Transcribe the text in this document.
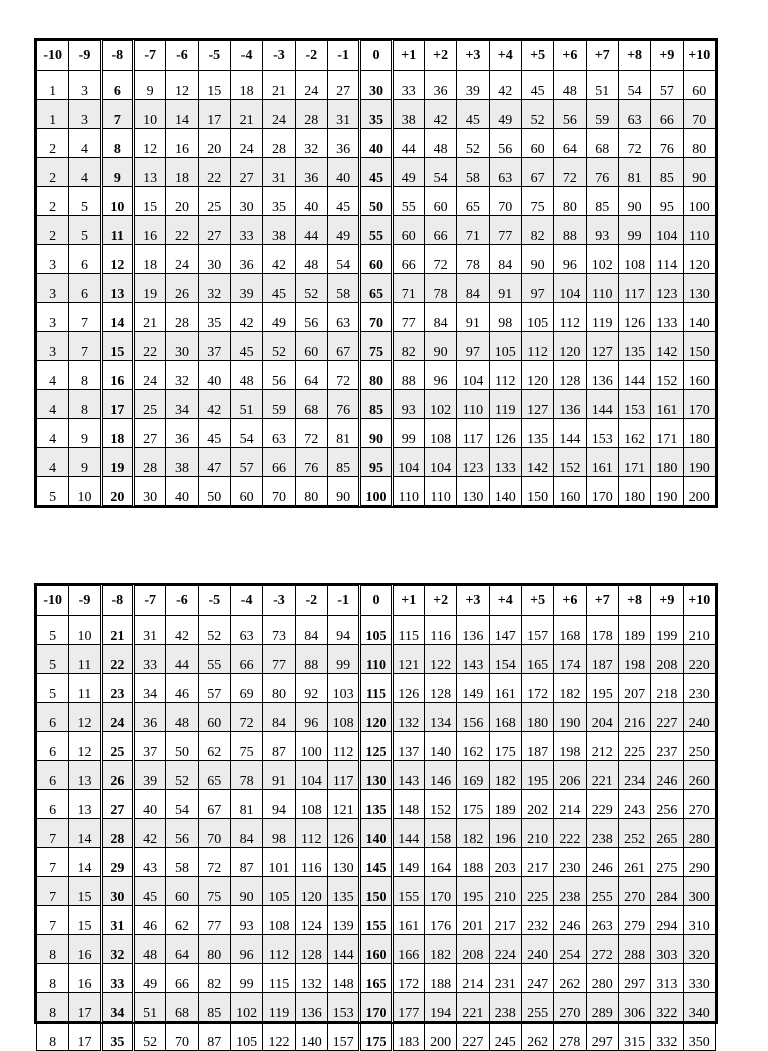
-10	-9	-8	-7	-6	-5	-4	-3	-2	-1	0	+1	+2	+3	+4	+5	+6	+7	+8	+9	+10
1	3	6	9	12	15	18	21	24	27	30	33	36	39	42	45	48	51	54	57	60
1	3	7	10	14	17	21	24	28	31	35	38	42	45	49	52	56	59	63	66	70
2	4	8	12	16	20	24	28	32	36	40	44	48	52	56	60	64	68	72	76	80
2	4	9	13	18	22	27	31	36	40	45	49	54	58	63	67	72	76	81	85	90
2	5	10	15	20	25	30	35	40	45	50	55	60	65	70	75	80	85	90	95	100
2	5	11	16	22	27	33	38	44	49	55	60	66	71	77	82	88	93	99	104	110
3	6	12	18	24	30	36	42	48	54	60	66	72	78	84	90	96	102	108	114	120
3	6	13	19	26	32	39	45	52	58	65	71	78	84	91	97	104	110	117	123	130
3	7	14	21	28	35	42	49	56	63	70	77	84	91	98	105	112	119	126	133	140
3	7	15	22	30	37	45	52	60	67	75	82	90	97	105	112	120	127	135	142	150
4	8	16	24	32	40	48	56	64	72	80	88	96	104	112	120	128	136	144	152	160
4	8	17	25	34	42	51	59	68	76	85	93	102	110	119	127	136	144	153	161	170
4	9	18	27	36	45	54	63	72	81	90	99	108	117	126	135	144	153	162	171	180
4	9	19	28	38	47	57	66	76	85	95	104	104	123	133	142	152	161	171	180	190
5	10	20	30	40	50	60	70	80	90	100	110	110	130	140	150	160	170	180	190	200
-10	-9	-8	-7	-6	-5	-4	-3	-2	-1	0	+1	+2	+3	+4	+5	+6	+7	+8	+9	+10
5	10	21	31	42	52	63	73	84	94	105	115	116	136	147	157	168	178	189	199	210
5	11	22	33	44	55	66	77	88	99	110	121	122	143	154	165	174	187	198	208	220
5	11	23	34	46	57	69	80	92	103	115	126	128	149	161	172	182	195	207	218	230
6	12	24	36	48	60	72	84	96	108	120	132	134	156	168	180	190	204	216	227	240
6	12	25	37	50	62	75	87	100	112	125	137	140	162	175	187	198	212	225	237	250
6	13	26	39	52	65	78	91	104	117	130	143	146	169	182	195	206	221	234	246	260
6	13	27	40	54	67	81	94	108	121	135	148	152	175	189	202	214	229	243	256	270
7	14	28	42	56	70	84	98	112	126	140	144	158	182	196	210	222	238	252	265	280
7	14	29	43	58	72	87	101	116	130	145	149	164	188	203	217	230	246	261	275	290
7	15	30	45	60	75	90	105	120	135	150	155	170	195	210	225	238	255	270	284	300
7	15	31	46	62	77	93	108	124	139	155	161	176	201	217	232	246	263	279	294	310
8	16	32	48	64	80	96	112	128	144	160	166	182	208	224	240	254	272	288	303	320
8	16	33	49	66	82	99	115	132	148	165	172	188	214	231	247	262	280	297	313	330
8	17	34	51	68	85	102	119	136	153	170	177	194	221	238	255	270	289	306	322	340
8	17	35	52	70	87	105	122	140	157	175	183	200	227	245	262	278	297	315	332	350
